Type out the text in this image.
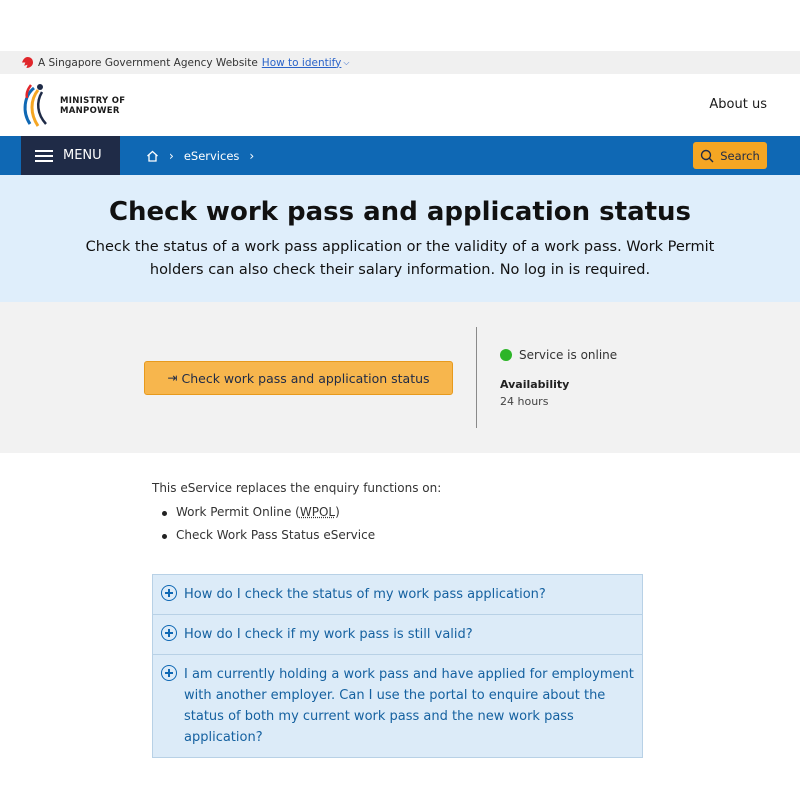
A Singapore Government Agency Website How to identify ⌵
MINISTRY OF
MANPOWER	About us
MENU	› eServices ›	Search
Check work pass and application status

Check the status of a work pass application or the validity of a work pass. Work Permit holders can also check their salary information. No log in is required.

⇥ Check work pass and application status
Service is online
Availability
24 hours

This eService replaces the enquiry functions on:

Work Permit Online (WPOL)
Check Work Pass Status eService
How do I check the status of my work pass application?
How do I check if my work pass is still valid?
I am currently holding a work pass and have applied for employment with another employer. Can I use the portal to enquire about the status of both my current work pass and the new work pass application?
